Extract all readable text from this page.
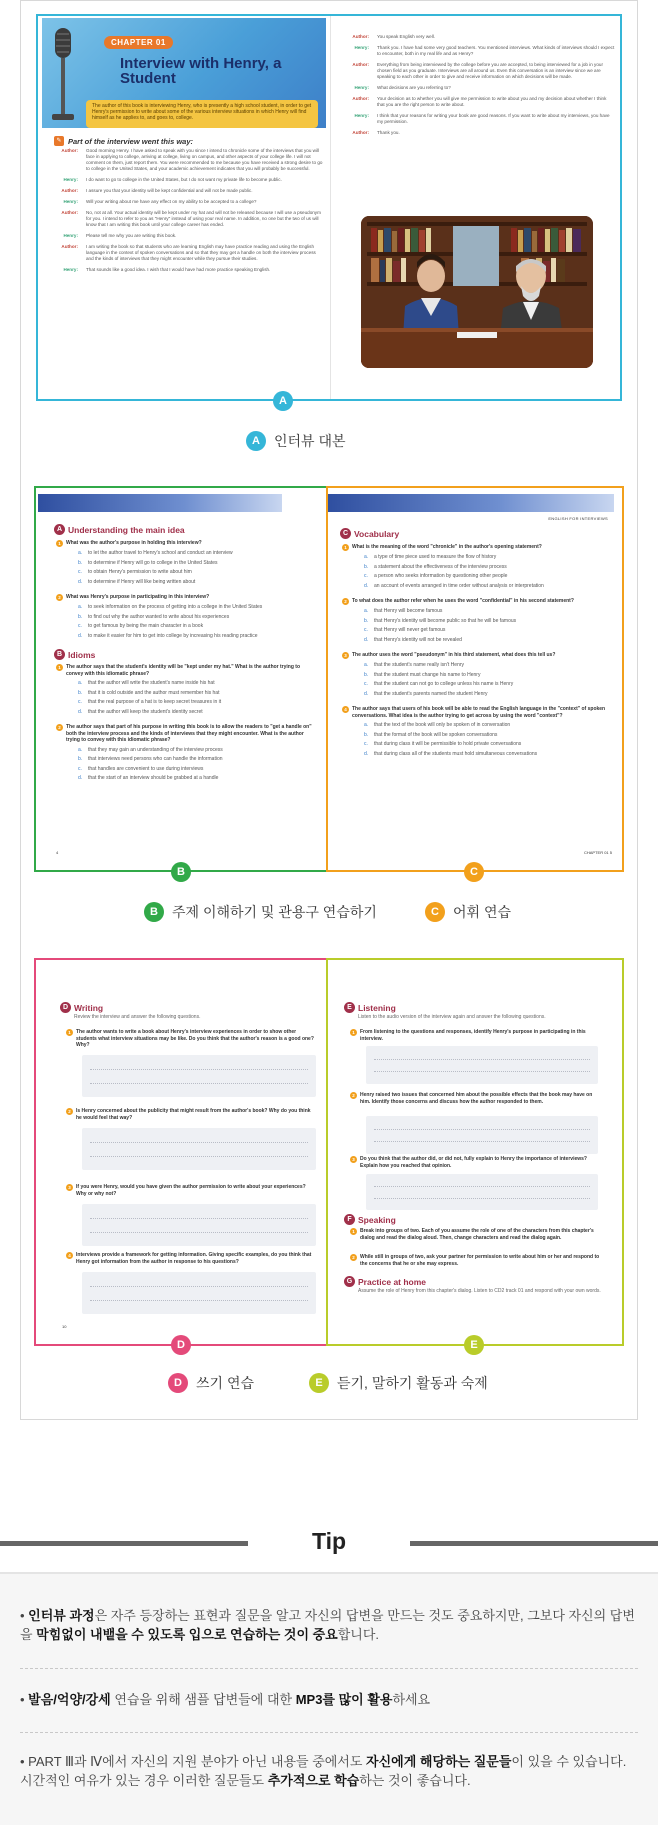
CHAPTER 01
Interview with Henry, a Student
The author of this book is interviewing Henry, who is presently a high school student, in order to get Henry's permission to write about some of the various interview situations in which Henry will find himself as he applies to, and goes to, college.
✎ Part of the interview went this way:
Author:	Good morning Henry. I have asked to speak with you since I intend to chronicle some of the interviews that you will face in applying to college, arriving at college, living on campus, and other aspects of your college life. I will not comment on them, just report them. You were recommended to me because you have received a strong desire to go to college in the United States, and your academic achievement indicates that you will probably be successful.
Henry:	I do want to go to college in the United States, but I do not want my private life to become public.
Author:	I assure you that your identity will be kept confidential and will not be made public.
Henry:	Will your writing about me have any effect on my ability to be accepted to a college?
Author:	No, not at all. Your actual identity will be kept under my hat and will not be released because I will use a pseudonym for you. I intend to refer to you as "Henry" instead of using your real name. In addition, no one but the two of us will know that I am writing this book until your college career has ended.
Henry:	Please tell me why you are writing this book.
Author:	I am writing the book so that students who are learning English may have practice reading and using the English language in the context of spoken conversations and so that they may get a handle on both the interview process and the kinds of interviews that they might encounter while they pursue their studies.
Henry:	That sounds like a good idea. I wish that I would have had more practice speaking English.
Author:	You speak English very well.
Henry:	Thank you. I have had some very good teachers. You mentioned interviews. What kinds of interviews should I expect to encounter, both in my real life and as Henry?
Author:	Everything from being interviewed by the college before you are accepted, to being interviewed for a job in your chosen field as you graduate. Interviews are all around us. Even this conversation is an interview since we are speaking to each other in order to give and receive information on which decisions will be made.
Henry:	What decisions are you referring to?
Author:	Your decision as to whether you will give me permission to write about you and my decision about whether I think that you are the right person to write about.
Henry:	I think that your reasons for writing your book are good reasons. If you want to write about my interviews, you have my permission.
Author:	Thank you.
A
A	인터뷰 대본
A Understanding the main idea
1	What was the author's purpose in holding this interview?
a.	to let the author travel to Henry's school and conduct an interview
b.	to determine if Henry will go to college in the United States
c.	to obtain Henry's permission to write about him
d.	to determine if Henry will like being written about
2	What was Henry's purpose in participating in this interview?
a.	to seek information on the process of getting into a college in the United States
b.	to find out why the author wanted to write about his experiences
c.	to get famous by being the main character in a book
d.	to make it easier for him to get into college by increasing his reading practice
B Idioms
1	The author says that the student's identity will be "kept under my hat." What is the author trying to convey with this idiomatic phrase?
a.	that the author will write the student's name inside his hat
b.	that it is cold outside and the author must remember his hat
c.	that the real purpose of a hat is to keep secret treasures in it
d.	that the author will keep the student's identity secret
2	The author says that part of his purpose in writing this book is to allow the readers to "get a handle on" both the interview process and the kinds of interviews that they might encounter. What is the author trying to convey with this idiomatic phrase?
a.	that they may gain an understanding of the interview process
b.	that interviews need persons who can handle the information
c.	that handles are convenient to use during interviews
d.	that the start of an interview should be grabbed at a handle
4
ENGLISH FOR INTERVIEWS
C Vocabulary
1	What is the meaning of the word "chronicle" in the author's opening statement?
a.	a type of time piece used to measure the flow of history
b.	a statement about the effectiveness of the interview process
c.	a person who seeks information by questioning other people
d.	an account of events arranged in time order without analysis or interpretation
2	To what does the author refer when he uses the word "confidential" in his second statement?
a.	that Henry will become famous
b.	that Henry's identity will become public so that he will be famous
c.	that Henry will never get famous
d.	that Henry's identity will not be revealed
3	The author uses the word "pseudonym" in his third statement, what does this tell us?
a.	that the student's name really isn't Henry
b.	that the student must change his name to Henry
c.	that the student can not go to college unless his name is Henry
d.	that the student's parents named the student Henry
4	The author says that users of his book will be able to read the English language in the "context" of spoken conversations. What idea is the author trying to get across by using the word "context"?
a.	that the text of the book will only be spoken of in conversation
b.	that the format of the book will be spoken conversations
c.	that during class it will be permissible to hold private conversations
d.	that during class all of the students must hold simultaneous conversations
CHAPTER 01 5
B	C
B	주제 이해하기 및 관용구 연습하기	C	어휘 연습
D Writing
Review the interview and answer the following questions.
1	The author wants to write a book about Henry's interview experiences in order to show other students what interview situations may be like. Do you think that the author's reason is a good one? Why?
2	Is Henry concerned about the publicity that might result from the author's book? Why do you think he would feel that way?
3	If you were Henry, would you have given the author permission to write about your experiences? Why or why not?
4	Interviews provide a framework for getting information. Giving specific examples, do you think that Henry got information from the author in response to his questions?
10
E Listening
Listen to the audio version of the interview again and answer the following questions.
1	From listening to the questions and responses, identify Henry's purpose in participating in this interview.
2	Henry raised two issues that concerned him about the possible effects that the book may have on him. Identify those concerns and discuss how the author responded to them.
3	Do you think that the author did, or did not, fully explain to Henry the importance of interviews? Explain how you reached that opinion.
F Speaking
1	Break into groups of two. Each of you assume the role of one of the characters from this chapter's dialog and read the dialog aloud. Then, change characters and read the dialog again.
2	While still in groups of two, ask your partner for permission to write about him or her and respond to the concerns that he or she may express.
G Practice at home
Assume the role of Henry from this chapter's dialog. Listen to CD2 track 01 and respond with your own words.
D	E
D	쓰기 연습	E	듣기, 말하기 활동과 숙제
Tip
• 인터뷰 과정은 자주 등장하는 표현과 질문을 알고 자신의 답변을 만드는 것도 중요하지만, 그보다 자신의 답변을 막힘없이 내뱉을 수 있도록 입으로 연습하는 것이 중요합니다.
• 발음/억양/강세 연습을 위해 샘플 답변들에 대한 MP3를 많이 활용하세요
• PART Ⅲ과 Ⅳ에서 자신의 지원 분야가 아닌 내용들 중에서도 자신에게 해당하는 질문들이 있을 수 있습니다. 시간적인 여유가 있는 경우 이러한 질문들도 추가적으로 학습하는 것이 좋습니다.
